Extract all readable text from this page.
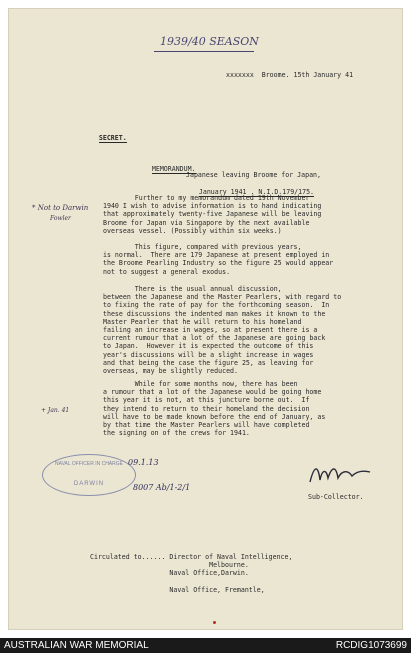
1939/40 SEASON
xxxxxxx  Broome. 15th January 41

SECRET.

MEMORANDUM.

Japanese leaving Broome for Japan,

January 1941 . N.I.D.179/175.

Further to my memorandum dated 19th November
1940 I wish to advise information is to hand indicating
that approximately twenty-five Japanese will be leaving
Broome for Japan via Singapore by the next available
overseas vessel. (Possibly within six weeks.)
This figure, compared with previous years,
is normal.  There are 179 Japanese at present employed in
the Broome Pearling Industry so the figure 25 would appear
not to suggest a general exodus.
There is the usual annual discussion,
between the Japanese and the Master Pearlers, with regard to
to fixing the rate of pay for the forthcoming season.  In
these discussions the indented man makes it known to the
Master Pearler that he will return to his homeland
failing an increase in wages, so at present there is a
current rumour that a lot of the Japanese are going back
to Japan.  However it is expected the outcome of this
year's discussions will be a slight increase in wages
and that being the case the figure 25, as leaving for
overseas, may be slightly reduced.
While for some months now, there has been
a rumour that a lot of the Japanese would be going home
this year it is not, at this juncture borne out.  If
they intend to return to their homeland the decision
will have to be made known before the end of January, as
by that time the Master Pearlers will have completed
the signing on of the crews for 1941.
* Not to Darwin
Fowler
+ Jan. 41
NAVAL OFFICER IN CHARGE
DARWIN
09.1.13
8007 Ab/1-2/1
Sub-Collector.
Circulated to...... Director of Naval Intelligence,
Melbourne.
Naval Office,Darwin.

Naval Office, Fremantle,
AUSTRALIAN WAR MEMORIAL	RCDIG1073699
